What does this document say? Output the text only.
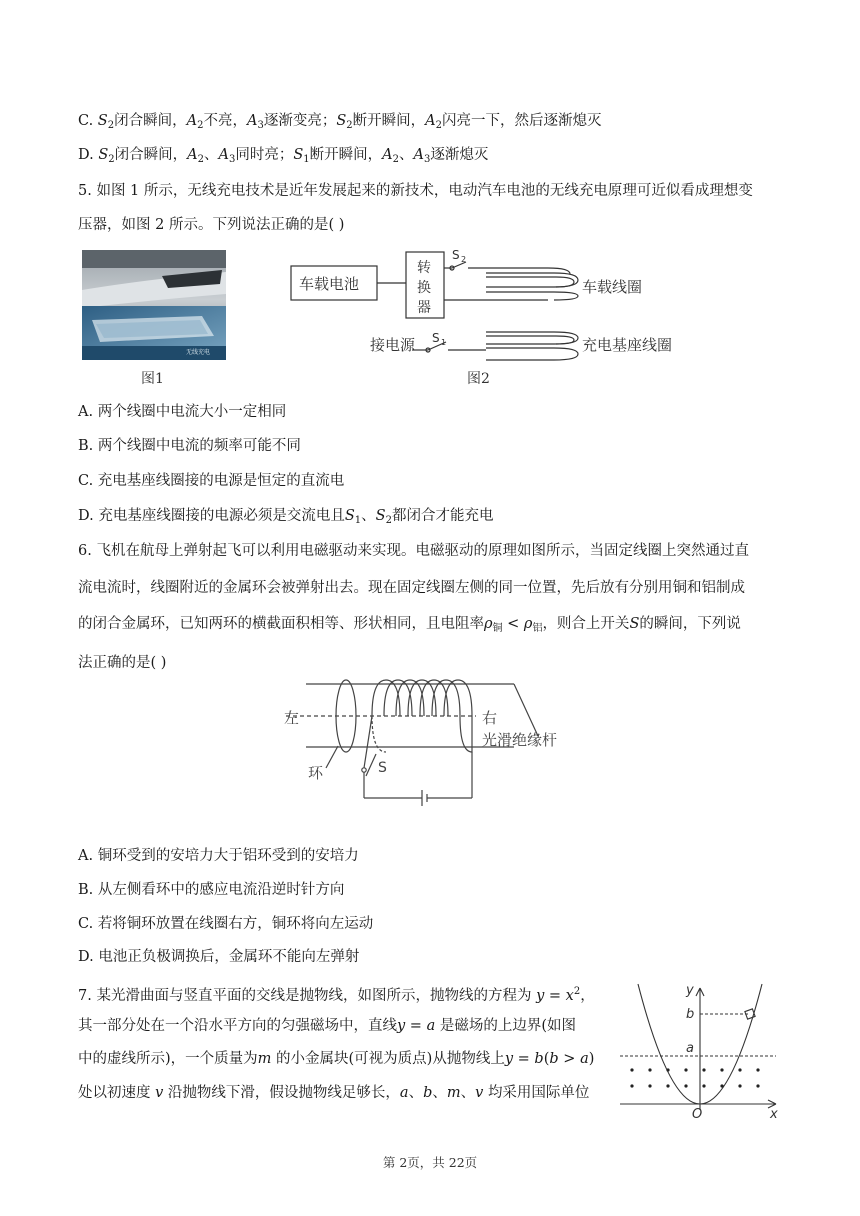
C. $S_2$闭合瞬间，$A_2$不亮，$A_3$逐渐变亮；$S_2$断开瞬间，$A_2$闪亮一下，然后逐渐熄灭
D. $S_2$闭合瞬间，$A_2$、$A_3$同时亮；$S_1$断开瞬间，$A_2$、$A_3$逐渐熄灭
5. 如图 1 所示，无线充电技术是近年发展起来的新技术，电动汽车电池的无线充电原理可近似看成理想变
压器，如图 2 所示。下列说法正确的是( )
无线充电
图1
车载电池
转
换
器
S 2
车载线圈
接电源 S 1	充电基座线圈
图2
A. 两个线圈中电流大小一定相同
B. 两个线圈中电流的频率可能不同
C. 充电基座线圈接的电源是恒定的直流电
D. 充电基座线圈接的电源必须是交流电且$S_1$、$S_2$都闭合才能充电
6. 飞机在航母上弹射起飞可以利用电磁驱动来实现。电磁驱动的原理如图所示，当固定线圈上突然通过直
流电流时，线圈附近的金属环会被弹射出去。现在固定线圈左侧的同一位置，先后放有分别用铜和铝制成
的闭合金属环，已知两环的横截面积相等、形状相同，且电阻率$\rho_铜 < \rho_铝$，则合上开关S的瞬间，下列说
法正确的是( )
左	右
光滑绝缘杆
环	S
A. 铜环受到的安培力大于铝环受到的安培力
B. 从左侧看环中的感应电流沿逆时针方向
C. 若将铜环放置在线圈右方，铜环将向左运动
D. 电池正负极调换后，金属环不能向左弹射
7. 某光滑曲面与竖直平面的交线是抛物线，如图所示，抛物线的方程为 $y = x^2$，
其一部分处在一个沿水平方向的匀强磁场中，直线y = a 是磁场的上边界(如图
中的虚线所示)，一个质量为m 的小金属块(可视为质点)从抛物线上y = b(b > a)
处以初速度 v 沿抛物线下滑，假设抛物线足够长，a、b、m、v 均采用国际单位
y
x
b
a
O
第 2页，共 22页
